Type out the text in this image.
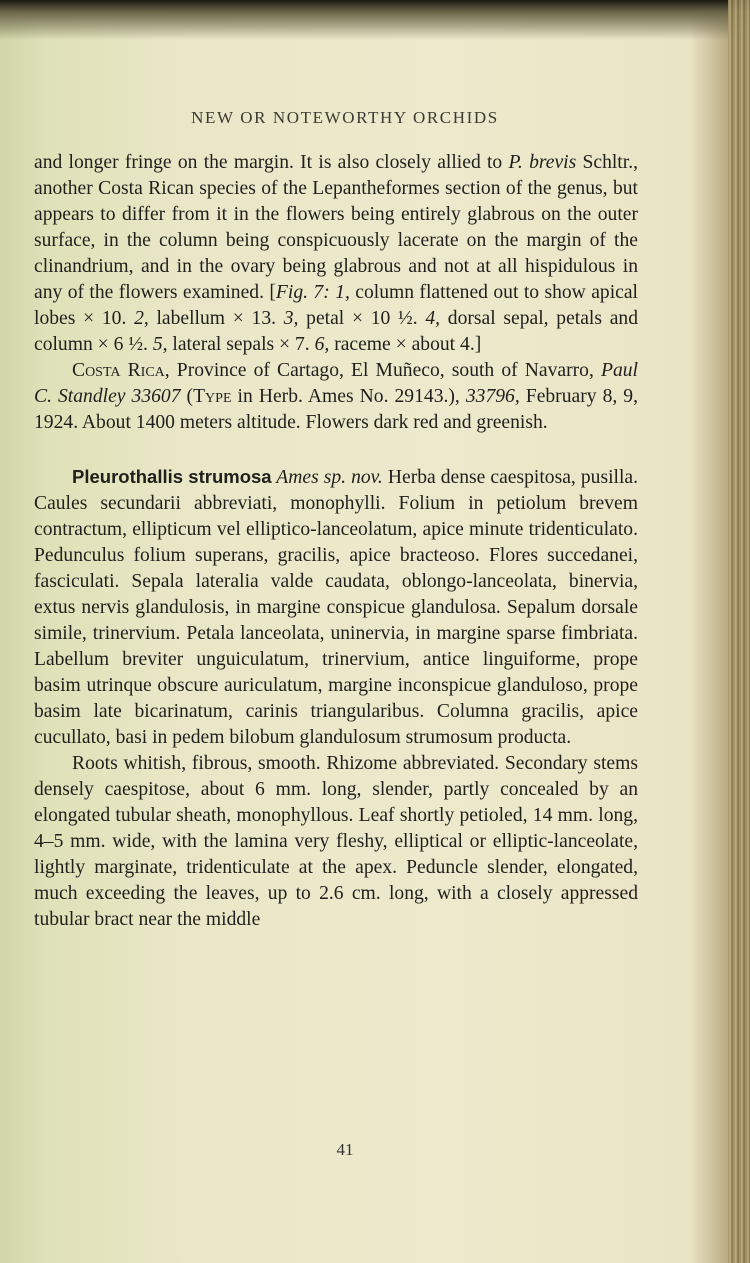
NEW OR NOTEWORTHY ORCHIDS

and longer fringe on the margin. It is also closely allied to P. brevis Schltr., another Costa Rican species of the Lepantheformes section of the genus, but appears to differ from it in the flowers being entirely glabrous on the outer surface, in the column being conspicuously lacerate on the margin of the clinandrium, and in the ovary being glabrous and not at all hispidulous in any of the flowers examined. [Fig. 7: 1, column flattened out to show apical lobes × 10. 2, labellum × 13. 3, petal × 10 ½. 4, dorsal sepal, petals and column × 6 ½. 5, lateral sepals × 7. 6, raceme × about 4.]

Costa Rica, Province of Cartago, El Muñeco, south of Navarro, Paul C. Standley 33607 (Type in Herb. Ames No. 29143.), 33796, February 8, 9, 1924. About 1400 meters altitude. Flowers dark red and greenish.

Pleurothallis strumosa Ames sp. nov. Herba dense caespitosa, pusilla. Caules secundarii abbreviati, monophylli. Folium in petiolum brevem contractum, ellipticum vel elliptico-lanceolatum, apice minute tridenticulato. Pedunculus folium superans, gracilis, apice bracteoso. Flores succedanei, fasciculati. Sepala lateralia valde caudata, oblongo-lanceolata, binervia, extus nervis glandulosis, in margine conspicue glandulosa. Sepalum dorsale simile, trinervium. Petala lanceolata, uninervia, in margine sparse fimbriata. Labellum breviter unguiculatum, trinervium, antice linguiforme, prope basim utrinque obscure auriculatum, margine inconspicue glanduloso, prope basim late bicarinatum, carinis triangularibus. Columna gracilis, apice cucullato, basi in pedem bilobum glandulosum strumosum producta.

Roots whitish, fibrous, smooth. Rhizome abbreviated. Secondary stems densely caespitose, about 6 mm. long, slender, partly concealed by an elongated tubular sheath, monophyllous. Leaf shortly petioled, 14 mm. long, 4–5 mm. wide, with the lamina very fleshy, elliptical or elliptic-lanceolate, lightly marginate, tridenticulate at the apex. Peduncle slender, elongated, much exceeding the leaves, up to 2.6 cm. long, with a closely appressed tubular bract near the middle

41
